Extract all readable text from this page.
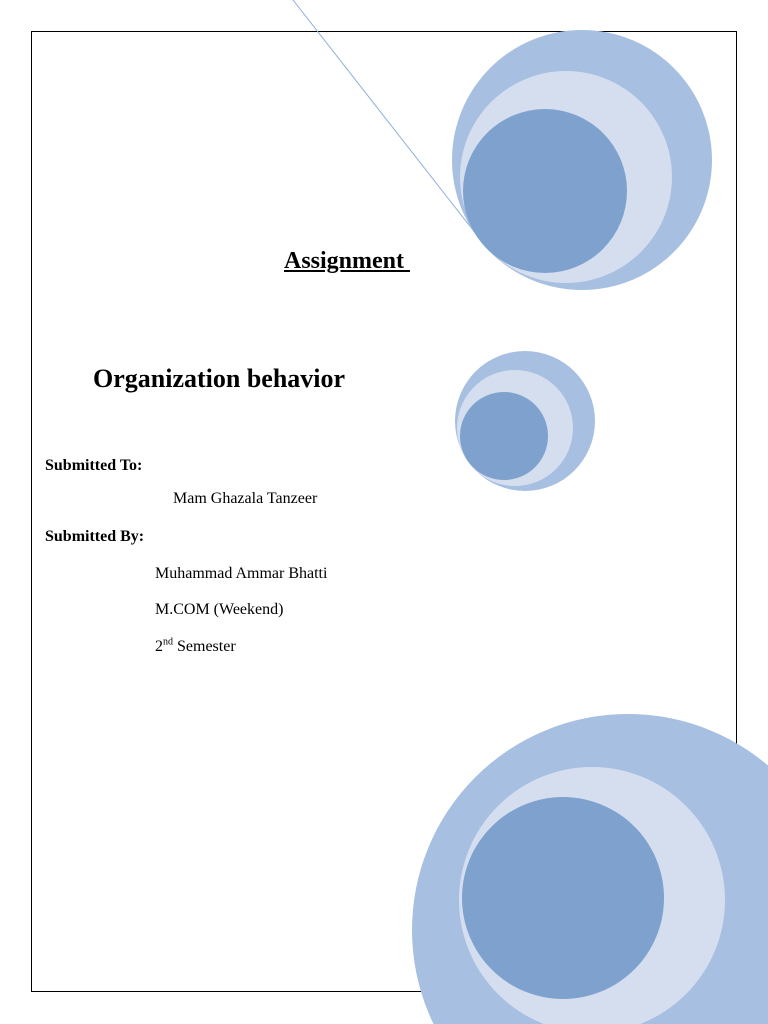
Assignment
Organization behavior
Submitted To:
Mam Ghazala Tanzeer
Submitted By:
Muhammad Ammar Bhatti
M.COM (Weekend)
2nd Semester
